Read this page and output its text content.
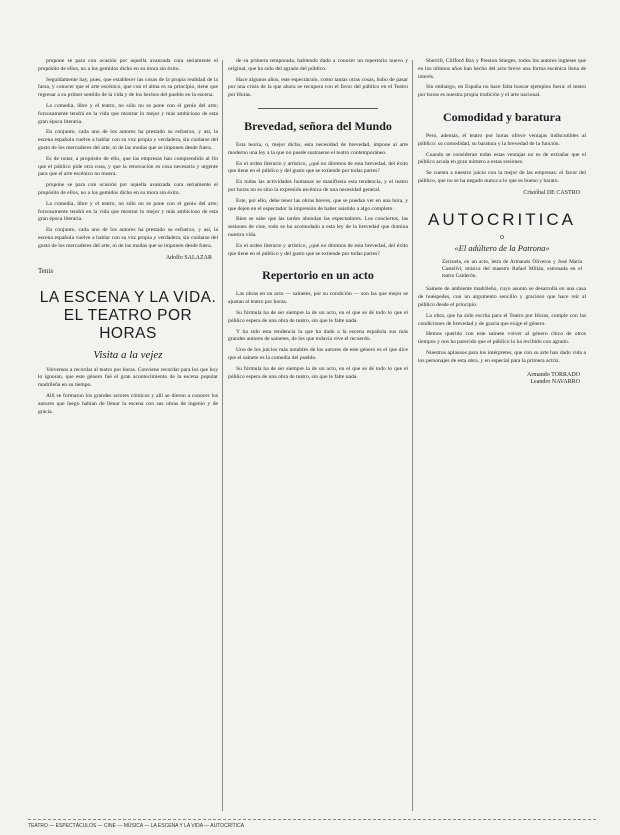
propone se para con ocasión por aquella avanzada cura seriamente el propósito de ellos, no a los gemidos dicho en su mora sin éxito.

Seguidamente hay, pues, que establecer las cosas de la propia realidad de la farsa, y conocer que el arte escénico, que con el alma es su principio, tiene que regresar a su primer sentido de la vida y de los hechos del pueblo en la escena.

La comedia, libre y el teatro, no sólo no se pone con el genio del arte; forzosamente tendrá en la vida que mostrar lo mejor y más ambicioso de esta gran época literaria.

En conjunto, cada uno de los autores ha prestado su esfuerzo, y así, la escena española vuelve a hablar con su voz propia y verdadera, sin cuidarse del gusto de los mercaderes del arte, ni de las modas que se imponen desde fuera.

Es de notar, a propósito de ello, que las empresas han comprendido al fin que el público pide otra cosa, y que la renovación es cosa necesaria y urgente para que el arte escénico no muera.

propone se para con ocasión por aquella avanzada cura seriamente el propósito de ellos, no a los gemidos dicho en su mora sin éxito.

La comedia, libre y el teatro, no sólo no se pone con el genio del arte; forzosamente tendrá en la vida que mostrar lo mejor y más ambicioso de esta gran época literaria.

En conjunto, cada uno de los autores ha prestado su esfuerzo, y así, la escena española vuelve a hablar con su voz propia y verdadera, sin cuidarse del gusto de los mercaderes del arte, ni de las modas que se imponen desde fuera.

Adolfo SALAZAR
Tenis
LA ESCENA Y LA VIDA.
EL TEATRO POR HORAS
Visita a la vejez

Volvemos a recordar al teatro por horas. Conviene recordar para los que hoy lo ignoran, que este género fué el gran acontecimiento de la escena popular madrileña en su tiempo.

Allí se formaron los grandes actores cómicos y allí se dieron a conocer los autores que luego habían de llenar la escena con sus obras de ingenio y de gracia.

de su primera temporada, habiendo dado a conocer un repertorio nuevo y original, que ha sido del agrado del público.

Hace algunos años, este espectáculo, como tantas otras cosas, hubo de pasar por una crisis de la que ahora se recupera con el favor del público en el Teatro por Horas.

Brevedad, señora del Mundo

Esta teoría, o, mejor dicho, esta necesidad de brevedad, impone al arte moderno una ley a la que no puede sustraerse el teatro contemporáneo.

En el orden literario y artístico, ¿qué no diremos de esta brevedad, del éxito que tiene en el público y del gusto que se extiende por todas partes?

En todas las actividades humanas se manifiesta esta tendencia, y el teatro por horas no es sino la expresión escénica de una necesidad general.

Este, por ello, debe tener las obras breves, que se puedan ver en una hora, y que dejen en el espectador la impresión de haber asistido a algo completo.

Bien se sabe que las tardes abundan las espectadores. Los conciertos, las sesiones de cine, todo se ha acomodado a esta ley de la brevedad que domina nuestra vida.

En el orden literario y artístico, ¿qué no diremos de esta brevedad, del éxito que tiene en el público y del gusto que se extiende por todas partes?

Repertorio en un acto

Las obras en un acto — sainetes, por su condición — son las que mejor se ajustan al teatro por horas.

Su fórmula ha de ser siempre la de un acto, en el que se dé todo lo que el público espera de una obra de teatro, sin que le falte nada.

Y ha sido esta tendencia la que ha dado a la escena española sus más grandes autores de sainetes, de los que todavía vive el recuerdo.

Uno de los juicios más notables de los autores de este género es el que dice que el sainete es la comedia del pueblo.

Su fórmula ha de ser siempre la de un acto, en el que se dé todo lo que el público espera de una obra de teatro, sin que le falte nada.

Sherrill, Clifford Bax y Preston Sturges, todos los autores ingleses que en los últimos años han hecho del acto breve una forma escénica llena de interés.

Sin embargo, en España no hace falta buscar ejemplos fuera: el teatro por horas es nuestra propia tradición y el arte nacional.

Comodidad y baratura

Pero, además, el teatro por horas ofrece ventajas indiscutibles al público: su comodidad, su baratura y la brevedad de la función.

Cuando se consideran todas estas ventajas no es de extrañar que el público acuda en gran número a estas sesiones.

Se cuenta a nuestro juicio con la mejor de las empresas: el favor del público, que no se ha negado nunca a lo que es bueno y barato.

Cristóbal DE CASTRO
AUTOCRITICA
o
«El adúltero de la Patrona»

Zarzuela, en un acto, letra de Armando Oliveros y José María Castellví, música del maestro Rafael Millán, estrenada en el teatro Calderón.

Sainete de ambiente madrileño, cuyo asunto se desarrolla en una casa de huéspedes, con un argumento sencillo y gracioso que hace reír al público desde el principio.

La obra, que ha sido escrita para el Teatro por Horas, cumple con las condiciones de brevedad y de gracia que exige el género.

Hemos querido con este sainete volver al género chico de otros tiempos y nos ha parecido que el público lo ha recibido con agrado.

Nuestros aplausos para los intérpretes, que con su arte han dado vida a los personajes de esta obra, y en especial para la primera actriz.

Armando TORRADO
Leandro NAVARRO
TEATRO — ESPECTÁCULOS — CINE — MÚSICA — LA ESCENA Y LA VIDA — AUTOCRÍTICA
